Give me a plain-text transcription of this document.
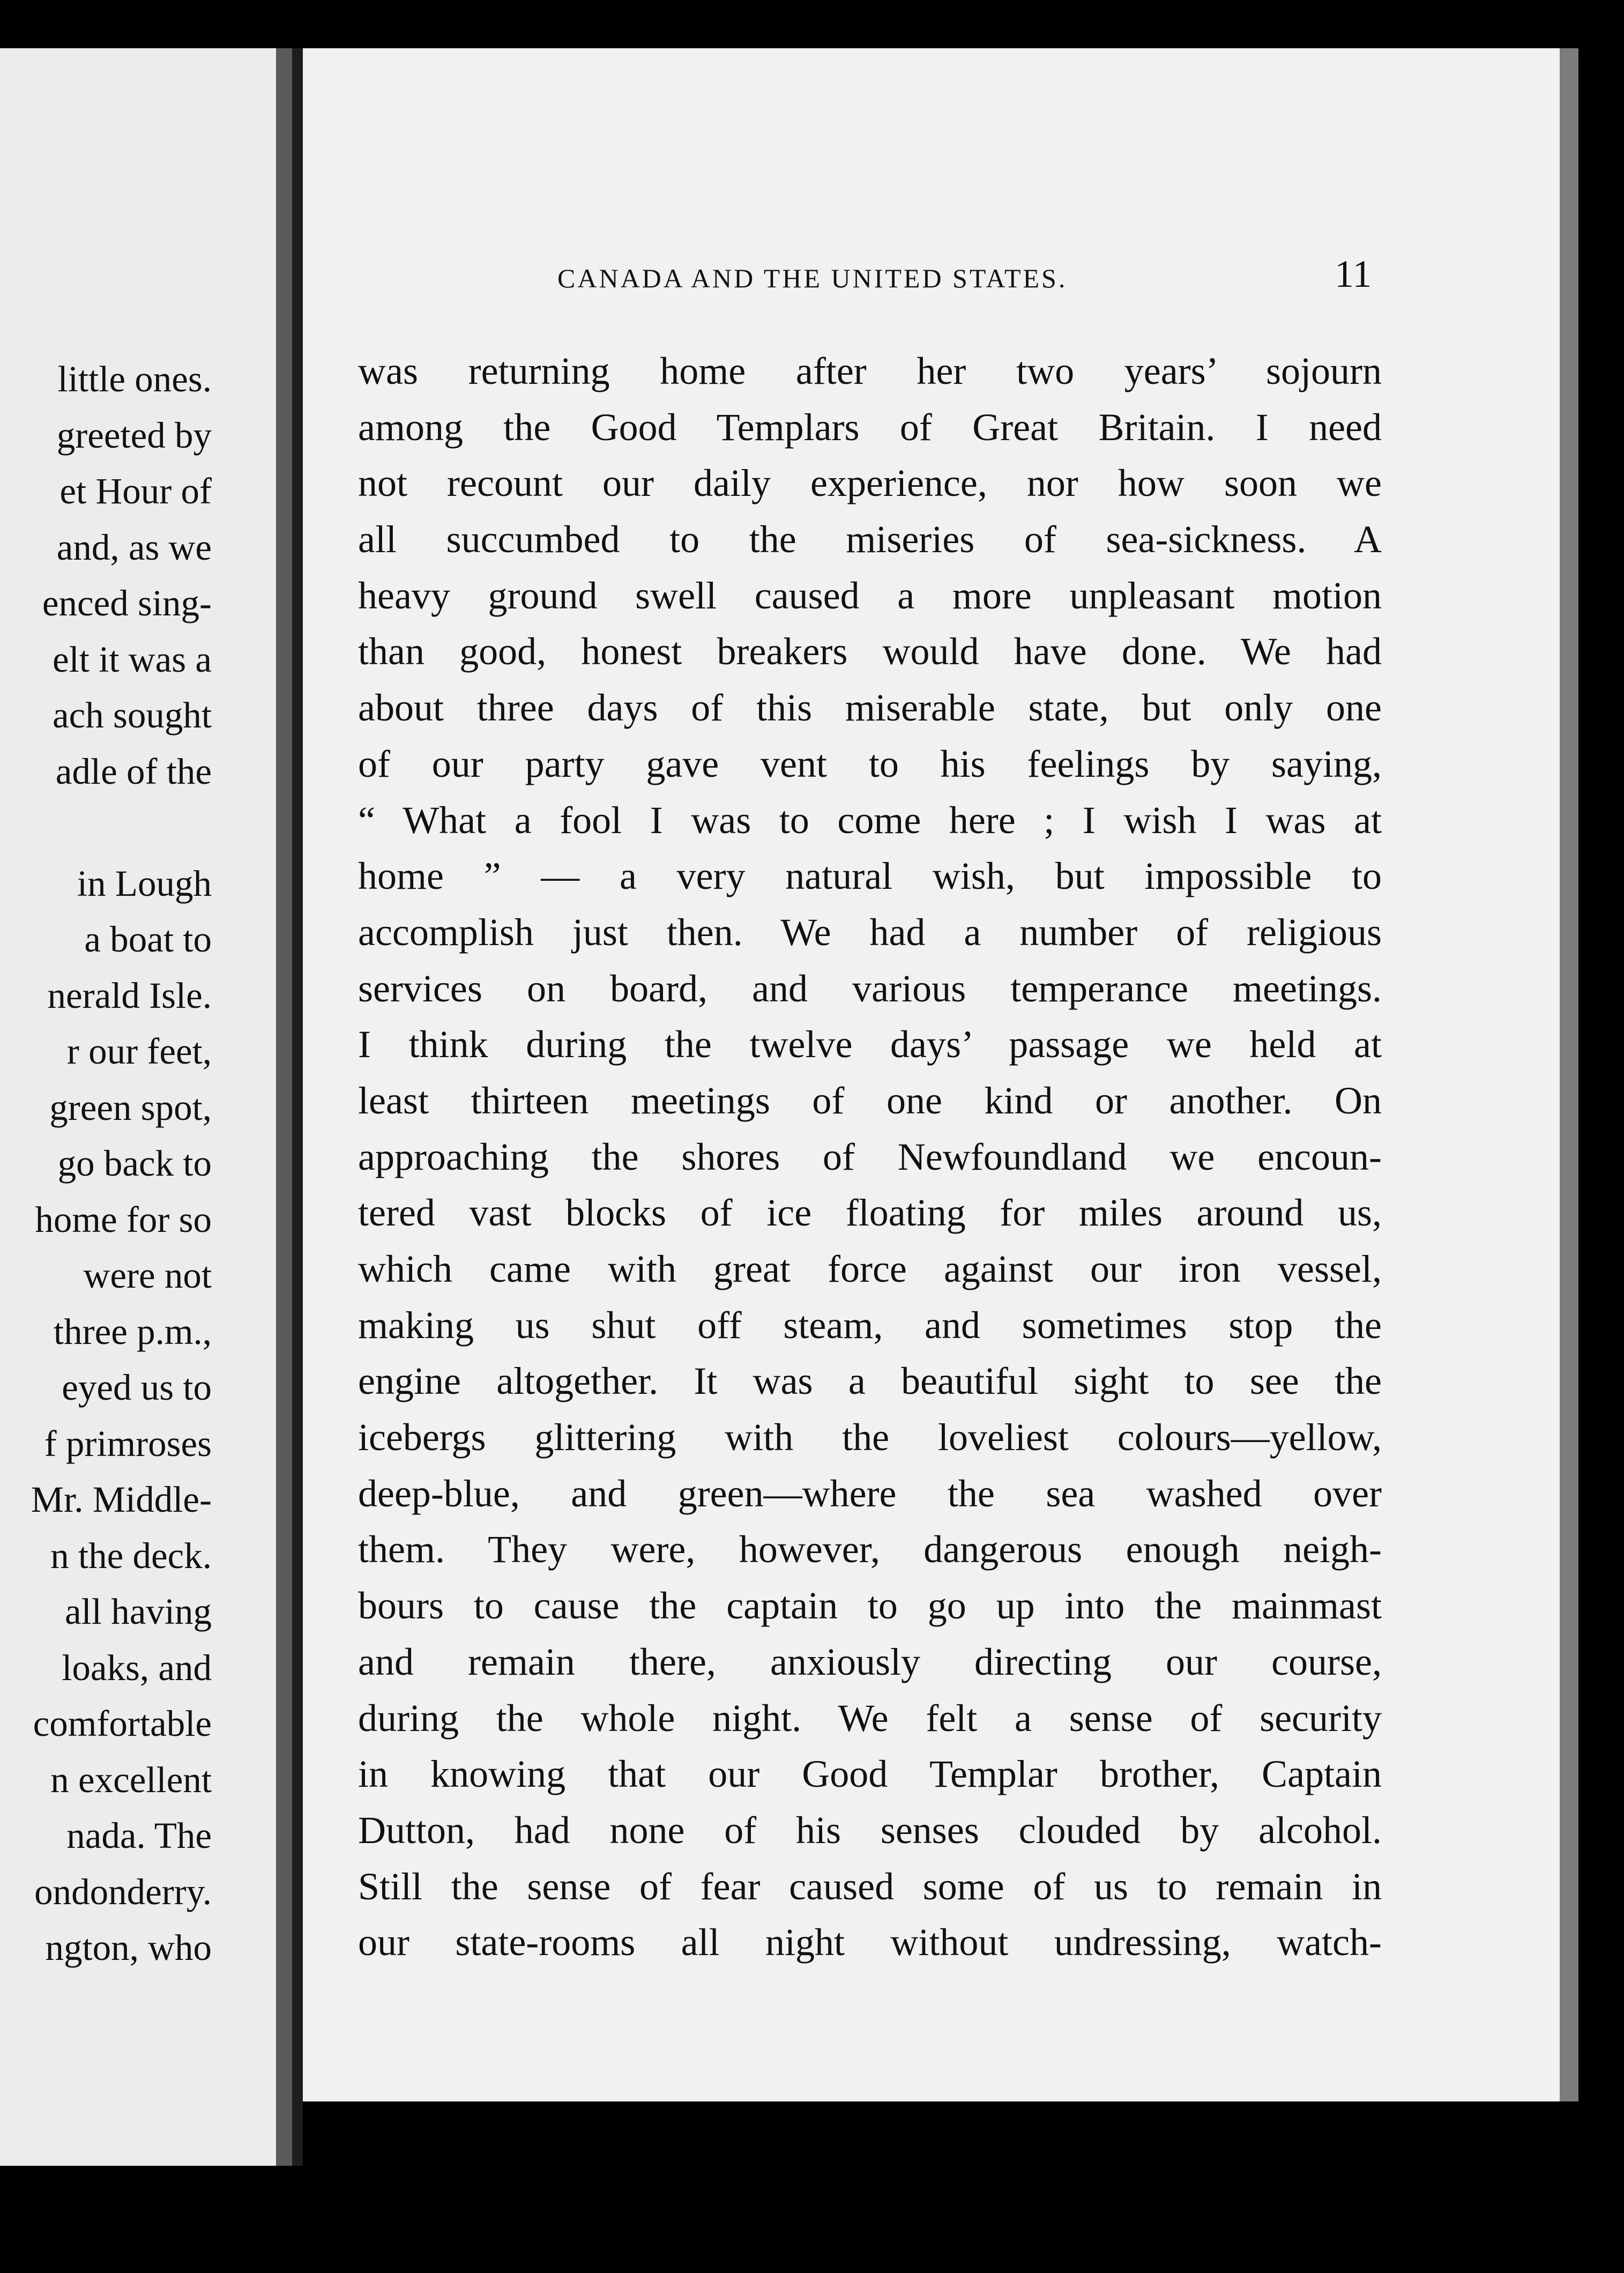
little ones.
greeted by
et Hour of
and, as we
enced sing-
elt it was a
ach sought
adle of the
in Lough
a boat to
nerald Isle.
r our feet,
green spot,
go back to
home for so
were not
three p.m.,
eyed us to
f primroses
Mr. Middle-
n the deck.
all having
loaks, and
comfortable
n excellent
nada. The
ondonderry.
ngton, who
CANADA AND THE UNITED STATES.	11
was returning home after her two years’ sojourn
among the Good Templars of Great Britain. I need
not recount our daily experience, nor how soon we
all succumbed to the miseries of sea-sickness. A
heavy ground swell caused a more unpleasant motion
than good, honest breakers would have done. We had
about three days of this miserable state, but only one
of our party gave vent to his feelings by saying,
“ What a fool I was to come here ; I wish I was at
home ” — a very natural wish, but impossible to
accomplish just then. We had a number of religious
services on board, and various temperance meetings.
I think during the twelve days’ passage we held at
least thirteen meetings of one kind or another. On
approaching the shores of Newfoundland we encoun-
tered vast blocks of ice floating for miles around us,
which came with great force against our iron vessel,
making us shut off steam, and sometimes stop the
engine altogether. It was a beautiful sight to see the
icebergs glittering with the loveliest colours—yellow,
deep-blue, and green—where the sea washed over
them. They were, however, dangerous enough neigh-
bours to cause the captain to go up into the mainmast
and remain there, anxiously directing our course,
during the whole night. We felt a sense of security
in knowing that our Good Templar brother, Captain
Dutton, had none of his senses clouded by alcohol.
Still the sense of fear caused some of us to remain in
our state-rooms all night without undressing, watch-
